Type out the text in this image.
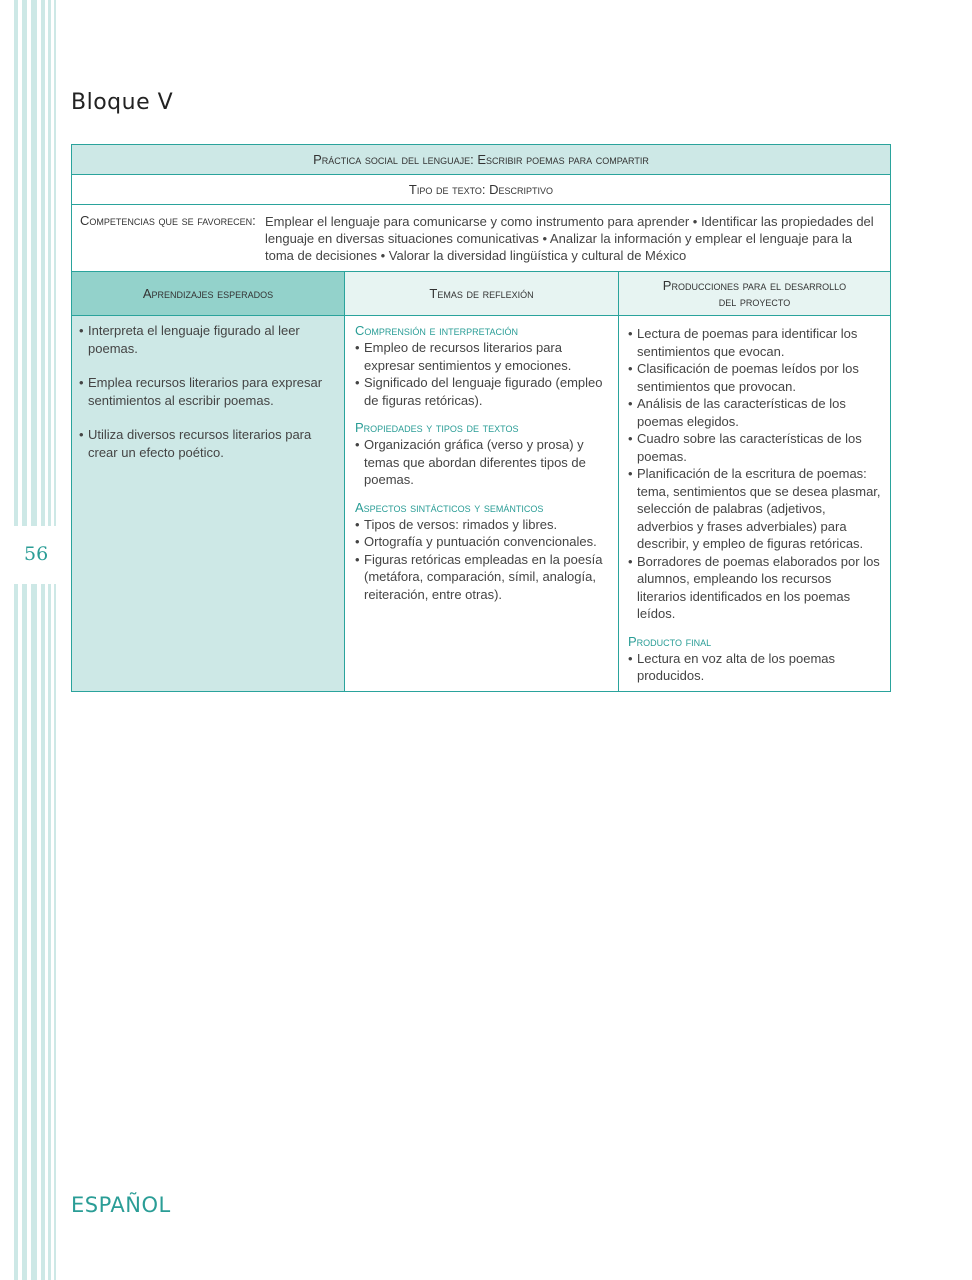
56
Bloque V
Práctica social del lenguaje: Escribir poemas para compartir
Tipo de texto: Descriptivo
Competencias que se favorecen: Emplear el lenguaje para comunicarse y como instrumento para aprender • Identificar las propiedades del lenguaje en diversas situaciones comunicativas • Analizar la información y emplear el lenguaje para la toma de decisiones • Valorar la diversidad lingüística y cultural de México
Aprendizajes esperados	Temas de reflexión
Producciones para el desarrollo
del proyecto
• Interpreta el lenguaje figurado al leer poemas.
• Emplea recursos literarios para expresar sentimientos al escribir poemas.
• Utiliza diversos recursos literarios para crear un efecto poético.
Comprensión e interpretación
• Empleo de recursos literarios para expresar sentimientos y emociones.
• Significado del lenguaje figurado (empleo de figuras retóricas).
Propiedades y tipos de textos
• Organización gráfica (verso y prosa) y temas que abordan diferentes tipos de poemas.
Aspectos sintácticos y semánticos
• Tipos de versos: rimados y libres.
• Ortografía y puntuación convencionales.
• Figuras retóricas empleadas en la poesía (metáfora, comparación, símil, analogía, reiteración, entre otras).
• Lectura de poemas para identificar los sentimientos que evocan.
• Clasificación de poemas leídos por los sentimientos que provocan.
• Análisis de las características de los poemas elegidos.
• Cuadro sobre las características de los poemas.
• Planificación de la escritura de poemas: tema, sentimientos que se desea plasmar, selección de palabras (adjetivos, adverbios y frases adverbiales) para describir, y empleo de figuras retóricas.
• Borradores de poemas elaborados por los alumnos, empleando los recursos literarios identificados en los poemas leídos.
Producto final
• Lectura en voz alta de los poemas producidos.
ESPAÑOL
